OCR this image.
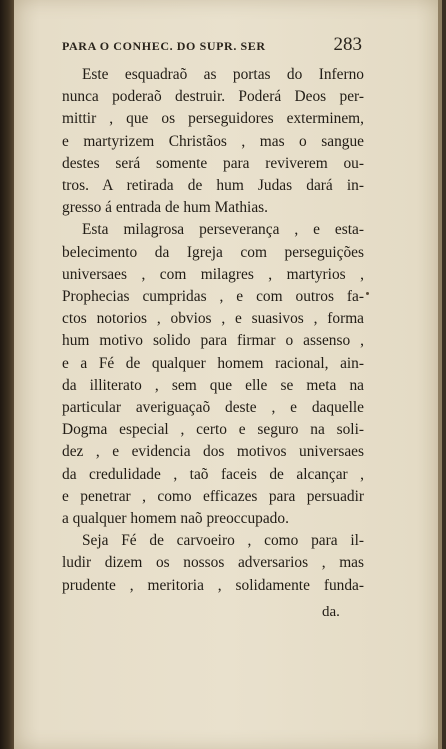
PARA O CONHEC. DO SUPR. SER	283
Este esquadraõ as portas do Inferno
nunca poderaõ destruir. Poderá Deos per-
mittir , que os perseguidores exterminem,
e martyrizem Christãos , mas o sangue
destes será somente para reviverem ou-
tros. A retirada de hum Judas dará in-
gresso á entrada de hum Mathias.
Esta milagrosa perseverança , e esta-
belecimento da Igreja com perseguições
universaes , com milagres , martyrios ,
Prophecias cumpridas , e com outros fa-
ctos notorios , obvios , e suasivos , forma
hum motivo solido para firmar o assenso ,
e a Fé de qualquer homem racional, ain-
da illiterato , sem que elle se meta na
particular averiguaçaõ deste , e daquelle
Dogma especial , certo e seguro na soli-
dez , e evidencia dos motivos universaes
da credulidade , taõ faceis de alcançar ,
e penetrar , como efficazes para persuadir
a qualquer homem naõ preoccupado.
Seja Fé de carvoeiro , como para il-
ludir dizem os nossos adversarios , mas
prudente , meritoria , solidamente funda-
da.
